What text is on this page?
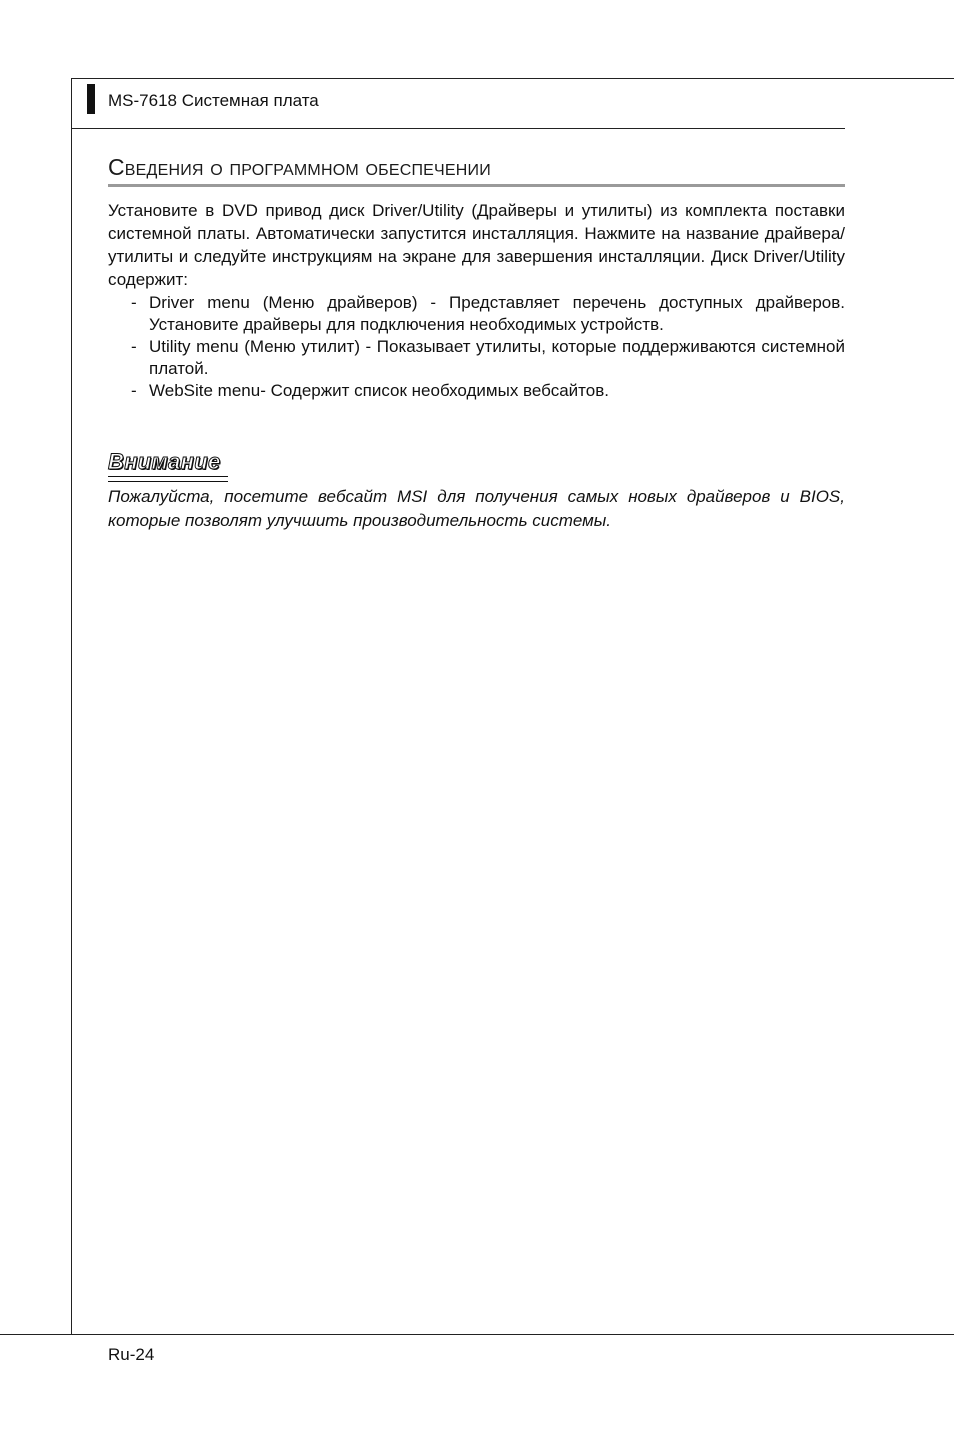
MS-7618 Системная плата
Сведения о программном обеспечении

Установите в DVD привод диск Driver/Utility (Драйверы и утилиты) из комплекта поставки системной платы. Автоматически запустится инсталляция. Нажмите на название драйвера/ утилиты и следуйте инструкциям на экране для завершения инсталляции. Диск Driver/Utility содержит:

- Driver menu (Меню драйверов) - Представляет перечень доступных драйверов. Установите драйверы для подключения необходимых устройств.
- Utility menu (Меню утилит) - Показывает утилиты, которые поддерживаются системной платой.
- WebSite menu- Содержит список необходимых вебсайтов.
Внимание

Пожалуйста, посетите вебсайт MSI для получения самых новых драйверов и BIOS, которые позволят улучшить производительность системы.

Ru-24
